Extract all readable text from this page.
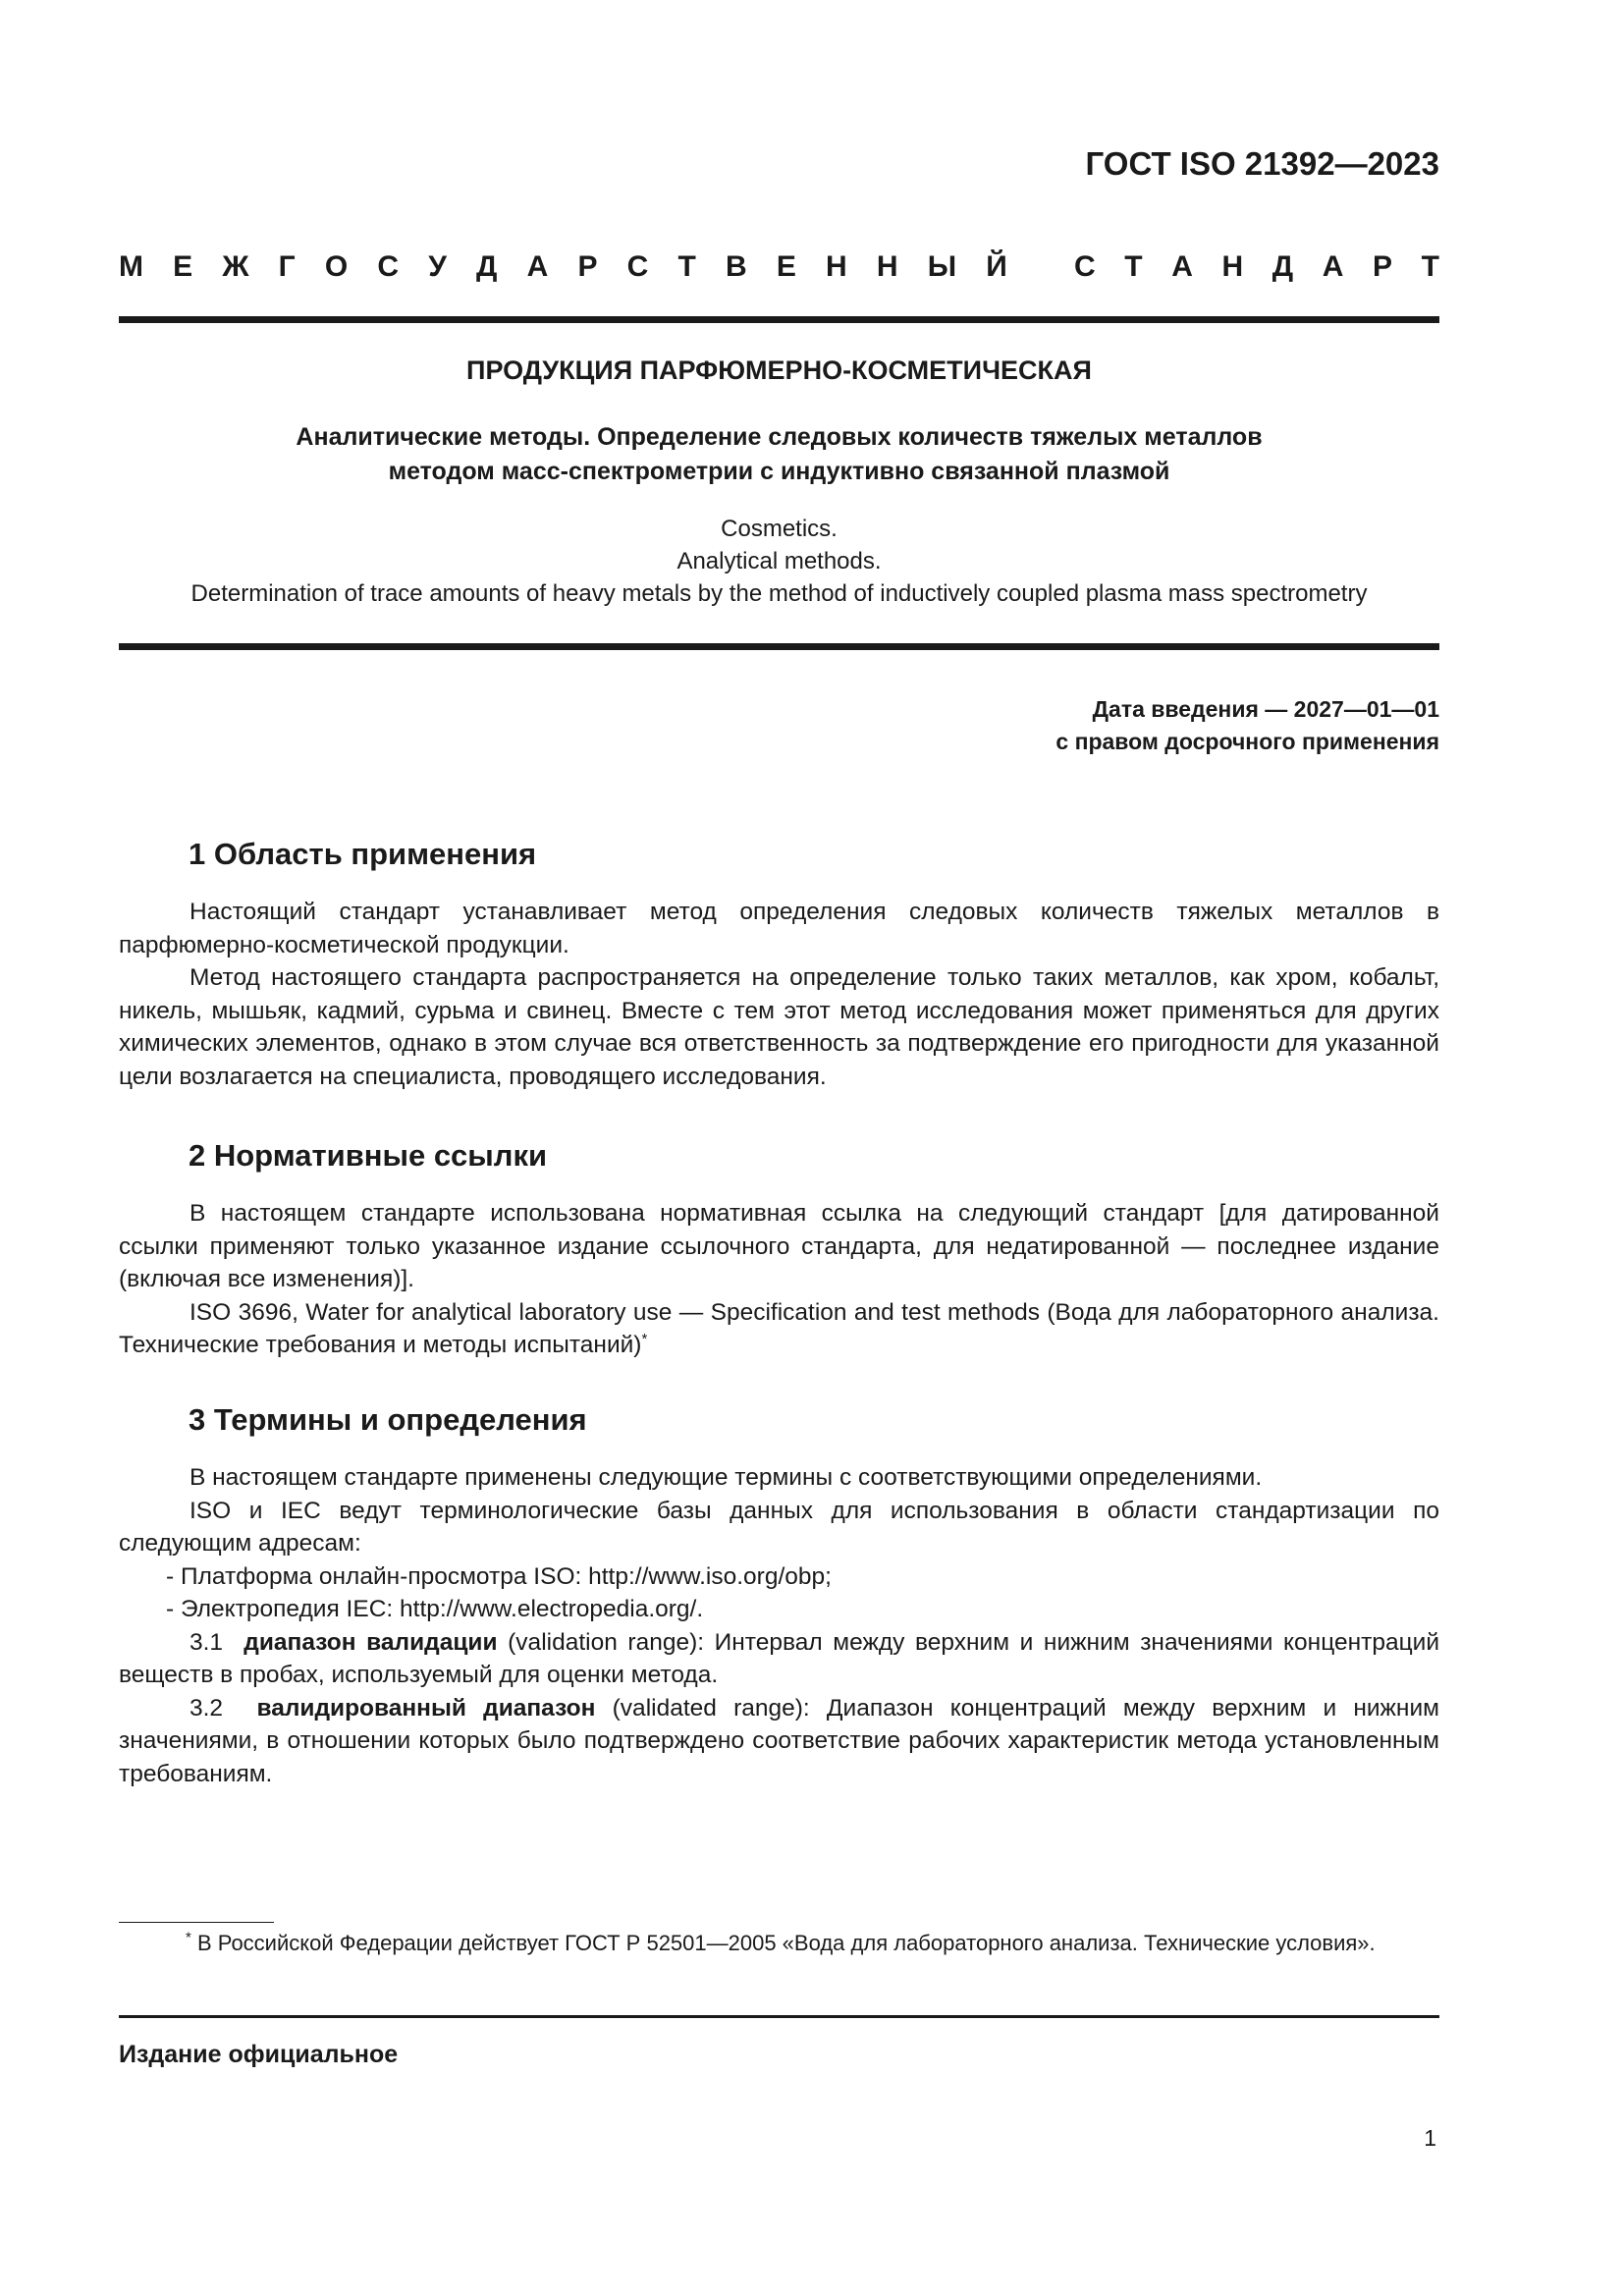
ГОСТ ISO 21392—2023
М Е Ж Г О С У Д А Р С Т В Е Н Н Ы Й С Т А Н Д А Р Т
ПРОДУКЦИЯ ПАРФЮМЕРНО-КОСМЕТИЧЕСКАЯ
Аналитические методы. Определение следовых количеств тяжелых металлов
методом масс-спектрометрии с индуктивно связанной плазмой
Cosmetics.
Analytical methods.
Determination of trace amounts of heavy metals by the method of inductively coupled plasma mass spectrometry
Дата введения — 2027—01—01
с правом досрочного применения
1 Область применения

Настоящий стандарт устанавливает метод определения следовых количеств тяжелых металлов в парфюмерно-косметической продукции.

Метод настоящего стандарта распространяется на определение только таких металлов, как хром, кобальт, никель, мышьяк, кадмий, сурьма и свинец. Вместе с тем этот метод исследования может применяться для других химических элементов, однако в этом случае вся ответственность за подтверждение его пригодности для указанной цели возлагается на специалиста, проводящего исследования.

2 Нормативные ссылки

В настоящем стандарте использована нормативная ссылка на следующий стандарт [для датированной ссылки применяют только указанное издание ссылочного стандарта, для недатированной — последнее издание (включая все изменения)].

ISO 3696, Water for analytical laboratory use — Specification and test methods (Вода для лабораторного анализа. Технические требования и методы испытаний)*

3 Термины и определения

В настоящем стандарте применены следующие термины с соответствующими определениями.

ISO и IEC ведут терминологические базы данных для использования в области стандартизации по следующим адресам:

- Платформа онлайн-просмотра ISO: http://www.iso.org/obp;

- Электропедия IEC: http://www.electropedia.org/.

3.1 диапазон валидации (validation range): Интервал между верхним и нижним значениями концентраций веществ в пробах, используемый для оценки метода.

3.2 валидированный диапазон (validated range): Диапазон концентраций между верхним и нижним значениями, в отношении которых было подтверждено соответствие рабочих характеристик метода установленным требованиям.

* В Российской Федерации действует ГОСТ Р 52501—2005 «Вода для лабораторного анализа. Технические условия».

Издание официальное
1
